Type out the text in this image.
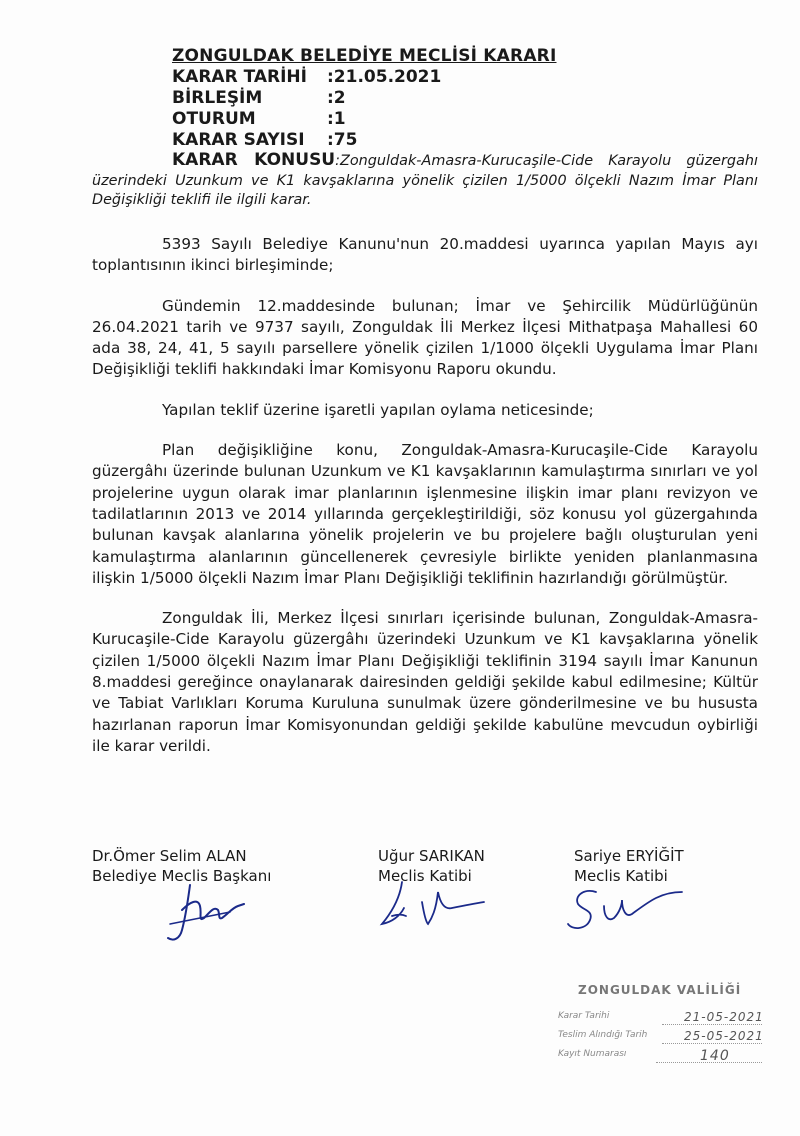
ZONGULDAK BELEDİYE MECLİSİ KARARI
KARAR TARİHİ	:21.05.2021
BİRLEŞİM	:2
OTURUM	:1
KARAR SAYISI	:75
KARAR KONUSU:Zonguldak-Amasra-Kurucaşile-Cide Karayolu güzergahı üzerindeki Uzunkum ve K1 kavşaklarına yönelik çizilen 1/5000 ölçekli Nazım İmar Planı Değişikliği teklifi ile ilgili karar.

5393 Sayılı Belediye Kanunu'nun 20.maddesi uyarınca yapılan Mayıs ayı toplantısının ikinci birleşiminde;

Gündemin 12.maddesinde bulunan; İmar ve Şehircilik Müdürlüğünün 26.04.2021 tarih ve 9737 sayılı, Zonguldak İli Merkez İlçesi Mithatpaşa Mahallesi 60 ada 38, 24, 41, 5 sayılı parsellere yönelik çizilen 1/1000 ölçekli Uygulama İmar Planı Değişikliği teklifi hakkındaki İmar Komisyonu Raporu okundu.

Yapılan teklif üzerine işaretli yapılan oylama neticesinde;

Plan değişikliğine konu, Zonguldak-Amasra-Kurucaşile-Cide Karayolu güzergâhı üzerinde bulunan Uzunkum ve K1 kavşaklarının kamulaştırma sınırları ve yol projelerine uygun olarak imar planlarının işlenmesine ilişkin imar planı revizyon ve tadilatlarının 2013 ve 2014 yıllarında gerçekleştirildiği, söz konusu yol güzergahında bulunan kavşak alanlarına yönelik projelerin ve bu projelere bağlı oluşturulan yeni kamulaştırma alanlarının güncellenerek çevresiyle birlikte yeniden planlanmasına ilişkin 1/5000 ölçekli Nazım İmar Planı Değişikliği teklifinin hazırlandığı görülmüştür.

Zonguldak İli, Merkez İlçesi sınırları içerisinde bulunan, Zonguldak-Amasra-Kurucaşile-Cide Karayolu güzergâhı üzerindeki Uzunkum ve K1 kavşaklarına yönelik çizilen 1/5000 ölçekli Nazım İmar Planı Değişikliği teklifinin 3194 sayılı İmar Kanunun 8.maddesi gereğince onaylanarak dairesinden geldiği şekilde kabul edilmesine; Kültür ve Tabiat Varlıkları Koruma Kuruluna sunulmak üzere gönderilmesine ve bu hususta hazırlanan raporun İmar Komisyonundan geldiği şekilde kabulüne mevcudun oybirliği ile karar verildi.

Dr.Ömer Selim ALAN
Belediye Meclis Başkanı
Uğur SARIKAN
Meclis Katibi
Sariye ERYİĞİT
Meclis Katibi
ZONGULDAK VALİLİĞİ
Karar Tarihi	21-05-2021
Teslim Alındığı Tarih	25-05-2021
Kayıt Numarası	140
